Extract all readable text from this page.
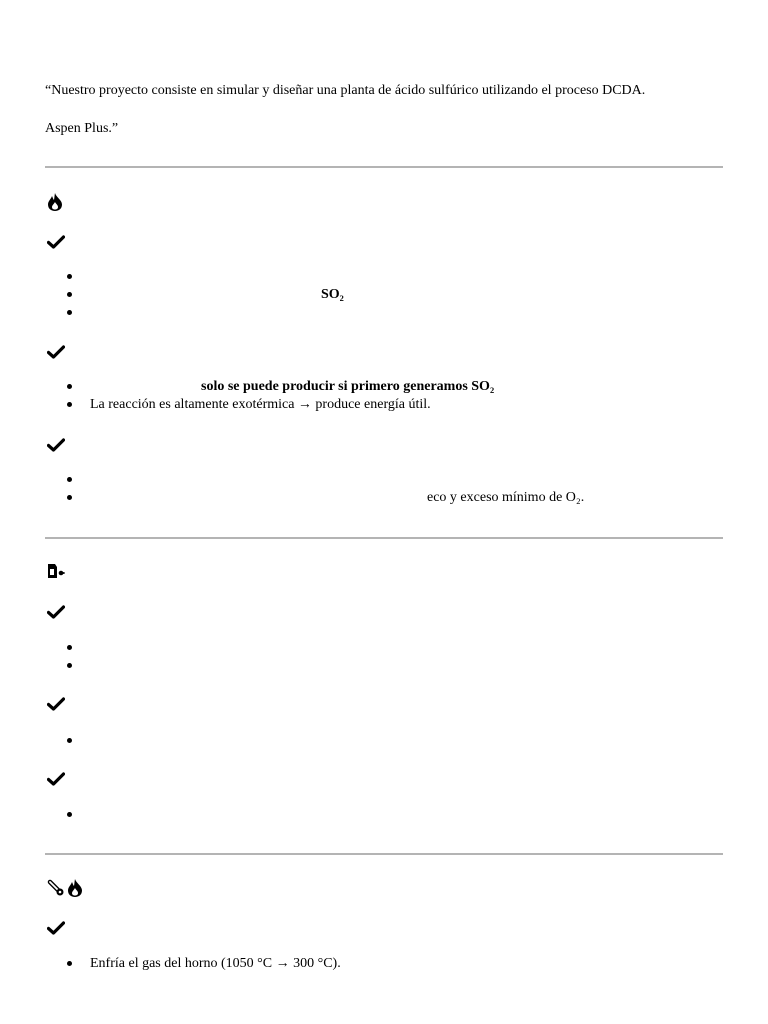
“Nuestro proyecto consiste en simular y diseñar una planta de ácido sulfúrico utilizando el proceso DCDA.
Aspen Plus.”
SO₂
solo se puede producir si primero generamos SO₂
La reacción es altamente exotérmica → produce energía útil.
eco y exceso mínimo de O₂.
Enfría el gas del horno (1050 °C → 300 °C).
